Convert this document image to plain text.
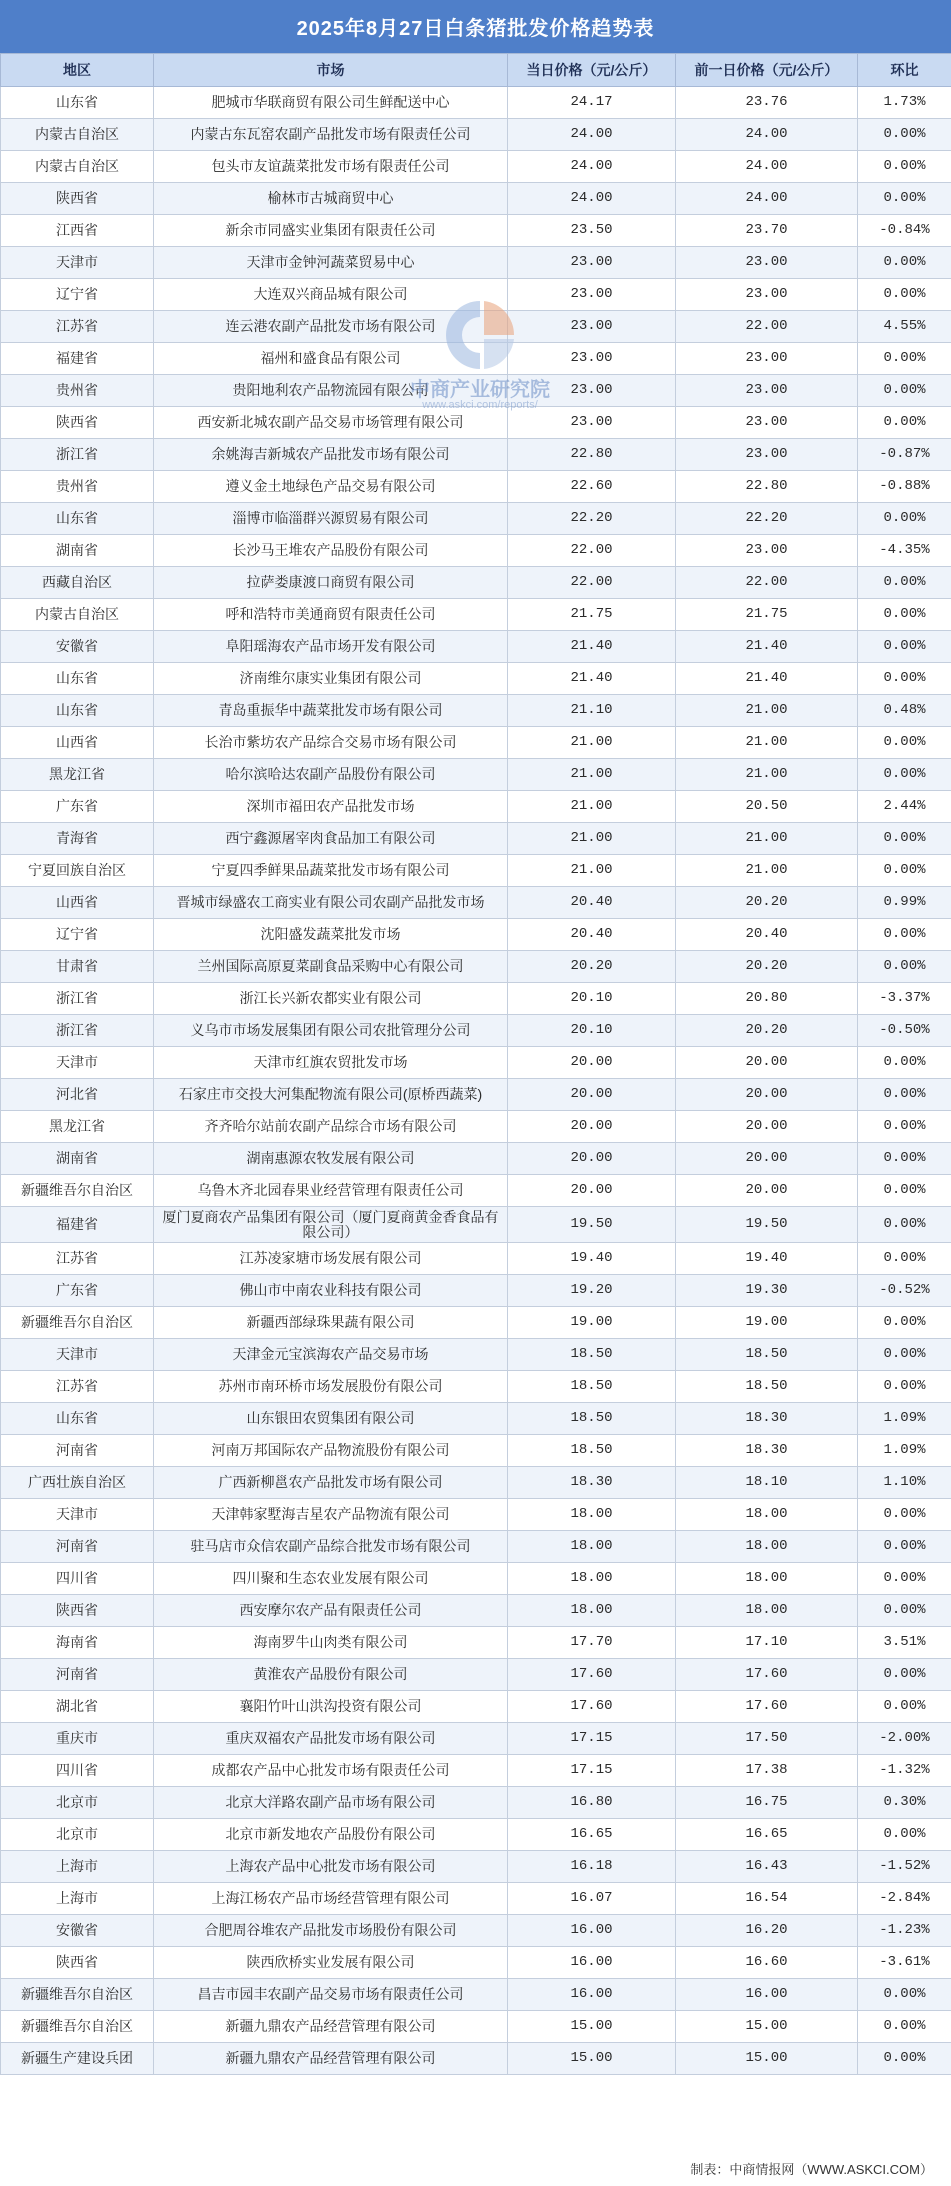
2025年8月27日白条猪批发价格趋势表
地区	市场	当日价格（元/公斤）	前一日价格（元/公斤）	环比
山东省	肥城市华联商贸有限公司生鲜配送中心	24.17	23.76	1.73%
内蒙古自治区	内蒙古东瓦窑农副产品批发市场有限责任公司	24.00	24.00	0.00%
内蒙古自治区	包头市友谊蔬菜批发市场有限责任公司	24.00	24.00	0.00%
陕西省	榆林市古城商贸中心	24.00	24.00	0.00%
江西省	新余市同盛实业集团有限责任公司	23.50	23.70	-0.84%
天津市	天津市金钟河蔬菜贸易中心	23.00	23.00	0.00%
辽宁省	大连双兴商品城有限公司	23.00	23.00	0.00%
江苏省	连云港农副产品批发市场有限公司	23.00	22.00	4.55%
福建省	福州和盛食品有限公司	23.00	23.00	0.00%
贵州省	贵阳地利农产品物流园有限公司	23.00	23.00	0.00%
陕西省	西安新北城农副产品交易市场管理有限公司	23.00	23.00	0.00%
浙江省	余姚海吉新城农产品批发市场有限公司	22.80	23.00	-0.87%
贵州省	遵义金土地绿色产品交易有限公司	22.60	22.80	-0.88%
山东省	淄博市临淄群兴源贸易有限公司	22.20	22.20	0.00%
湖南省	长沙马王堆农产品股份有限公司	22.00	23.00	-4.35%
西藏自治区	拉萨娄康渡口商贸有限公司	22.00	22.00	0.00%
内蒙古自治区	呼和浩特市美通商贸有限责任公司	21.75	21.75	0.00%
安徽省	阜阳瑶海农产品市场开发有限公司	21.40	21.40	0.00%
山东省	济南维尔康实业集团有限公司	21.40	21.40	0.00%
山东省	青岛重振华中蔬菜批发市场有限公司	21.10	21.00	0.48%
山西省	长治市紫坊农产品综合交易市场有限公司	21.00	21.00	0.00%
黑龙江省	哈尔滨哈达农副产品股份有限公司	21.00	21.00	0.00%
广东省	深圳市福田农产品批发市场	21.00	20.50	2.44%
青海省	西宁鑫源屠宰肉食品加工有限公司	21.00	21.00	0.00%
宁夏回族自治区	宁夏四季鲜果品蔬菜批发市场有限公司	21.00	21.00	0.00%
山西省	晋城市绿盛农工商实业有限公司农副产品批发市场	20.40	20.20	0.99%
辽宁省	沈阳盛发蔬菜批发市场	20.40	20.40	0.00%
甘肃省	兰州国际高原夏菜副食品采购中心有限公司	20.20	20.20	0.00%
浙江省	浙江长兴新农都实业有限公司	20.10	20.80	-3.37%
浙江省	义乌市市场发展集团有限公司农批管理分公司	20.10	20.20	-0.50%
天津市	天津市红旗农贸批发市场	20.00	20.00	0.00%
河北省	石家庄市交投大河集配物流有限公司(原桥西蔬菜)	20.00	20.00	0.00%
黑龙江省	齐齐哈尔站前农副产品综合市场有限公司	20.00	20.00	0.00%
湖南省	湖南惠源农牧发展有限公司	20.00	20.00	0.00%
新疆维吾尔自治区	乌鲁木齐北园春果业经营管理有限责任公司	20.00	20.00	0.00%
福建省	厦门夏商农产品集团有限公司（厦门夏商黄金香食品有限公司）	19.50	19.50	0.00%
江苏省	江苏凌家塘市场发展有限公司	19.40	19.40	0.00%
广东省	佛山市中南农业科技有限公司	19.20	19.30	-0.52%
新疆维吾尔自治区	新疆西部绿珠果蔬有限公司	19.00	19.00	0.00%
天津市	天津金元宝滨海农产品交易市场	18.50	18.50	0.00%
江苏省	苏州市南环桥市场发展股份有限公司	18.50	18.50	0.00%
山东省	山东银田农贸集团有限公司	18.50	18.30	1.09%
河南省	河南万邦国际农产品物流股份有限公司	18.50	18.30	1.09%
广西壮族自治区	广西新柳邕农产品批发市场有限公司	18.30	18.10	1.10%
天津市	天津韩家墅海吉星农产品物流有限公司	18.00	18.00	0.00%
河南省	驻马店市众信农副产品综合批发市场有限公司	18.00	18.00	0.00%
四川省	四川聚和生态农业发展有限公司	18.00	18.00	0.00%
陕西省	西安摩尔农产品有限责任公司	18.00	18.00	0.00%
海南省	海南罗牛山肉类有限公司	17.70	17.10	3.51%
河南省	黄淮农产品股份有限公司	17.60	17.60	0.00%
湖北省	襄阳竹叶山洪沟投资有限公司	17.60	17.60	0.00%
重庆市	重庆双福农产品批发市场有限公司	17.15	17.50	-2.00%
四川省	成都农产品中心批发市场有限责任公司	17.15	17.38	-1.32%
北京市	北京大洋路农副产品市场有限公司	16.80	16.75	0.30%
北京市	北京市新发地农产品股份有限公司	16.65	16.65	0.00%
上海市	上海农产品中心批发市场有限公司	16.18	16.43	-1.52%
上海市	上海江杨农产品市场经营管理有限公司	16.07	16.54	-2.84%
安徽省	合肥周谷堆农产品批发市场股份有限公司	16.00	16.20	-1.23%
陕西省	陕西欣桥实业发展有限公司	16.00	16.60	-3.61%
新疆维吾尔自治区	昌吉市园丰农副产品交易市场有限责任公司	16.00	16.00	0.00%
新疆维吾尔自治区	新疆九鼎农产品经营管理有限公司	15.00	15.00	0.00%
新疆生产建设兵团	新疆九鼎农产品经营管理有限公司	15.00	15.00	0.00%
中商产业研究院
www.askci.com/reports/
制表：中商情报网（WWW.ASKCI.COM）
